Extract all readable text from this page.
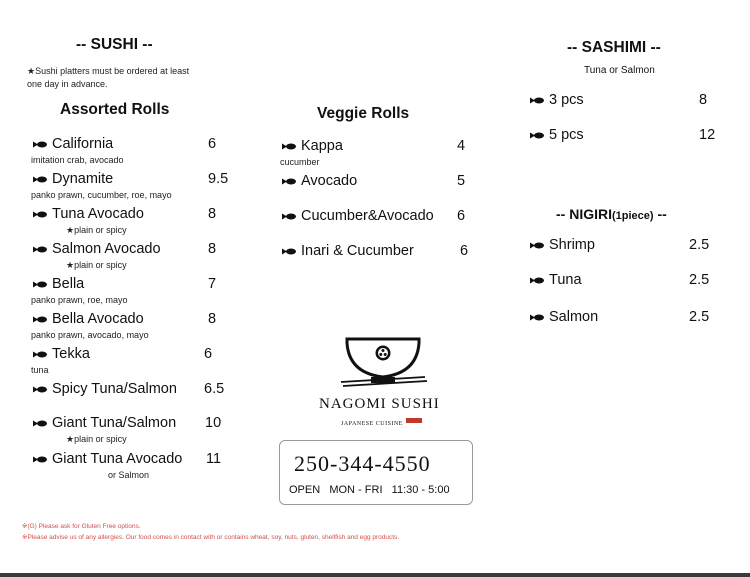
-- SUSHI --
★Sushi platters must be ordered at least
one day in advance.
Assorted Rolls
California	6
imitation crab, avocado
Dynamite	9.5
panko prawn, cucumber, roe, mayo
Tuna Avocado	8
★plain or spicy
Salmon Avocado	8
★plain or spicy
Bella	7
panko prawn, roe, mayo
Bella Avocado	8
panko prawn, avocado, mayo
Tekka	6
tuna
Spicy Tuna/Salmon 6.5
Giant Tuna/Salmon 10
★plain or spicy
Giant Tuna Avocado 11
or Salmon
Veggie Rolls
Kappa	4
cucumber
Avocado	5
Cucumber&Avocado 6
Inari & Cucumber	6
-- SASHIMI --
Tuna or Salmon
3 pcs	8
5 pcs	12
-- NIGIRI(1piece) --
Shrimp	2.5
Tuna	2.5
Salmon	2.5
NAGOMI SUSHI
JAPANESE CUISINE
250-344-4550
OPEN   MON - FRI   11:30 - 5:00
※(G) Please ask for Gluten Free options.
※Please advise us of any allergies. Our food comes in contact with or contains wheat, soy, nuts, gluten, shellfish and egg products.
